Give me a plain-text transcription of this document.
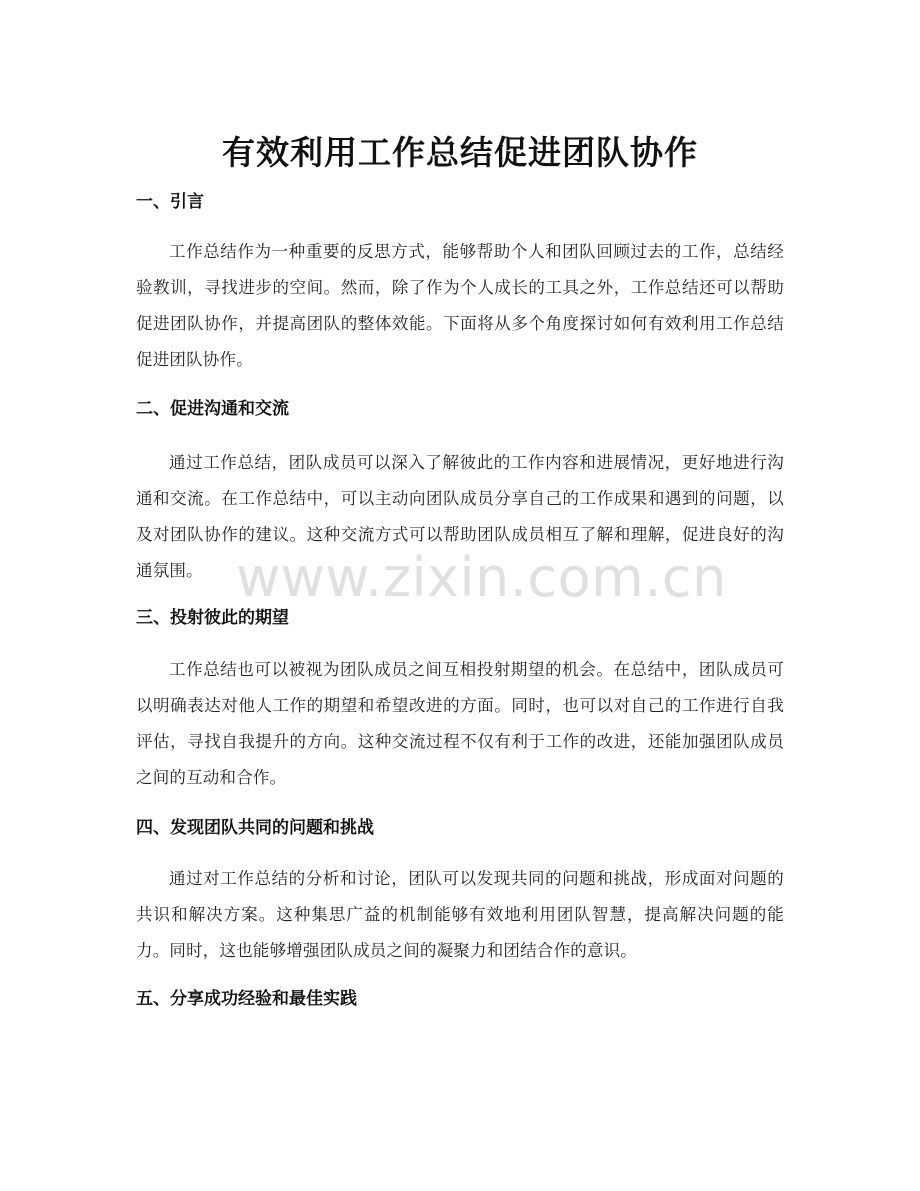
有效利用工作总结促进团队协作
一、引言

工作总结作为一种重要的反思方式，能够帮助个人和团队回顾过去的工作，总结经验教训，寻找进步的空间。然而，除了作为个人成长的工具之外，工作总结还可以帮助促进团队协作，并提高团队的整体效能。下面将从多个角度探讨如何有效利用工作总结促进团队协作。

二、促进沟通和交流

通过工作总结，团队成员可以深入了解彼此的工作内容和进展情况，更好地进行沟通和交流。在工作总结中，可以主动向团队成员分享自己的工作成果和遇到的问题，以及对团队协作的建议。这种交流方式可以帮助团队成员相互了解和理解，促进良好的沟通氛围。

三、投射彼此的期望

工作总结也可以被视为团队成员之间互相投射期望的机会。在总结中，团队成员可以明确表达对他人工作的期望和希望改进的方面。同时，也可以对自己的工作进行自我评估，寻找自我提升的方向。这种交流过程不仅有利于工作的改进，还能加强团队成员之间的互动和合作。

四、发现团队共同的问题和挑战

通过对工作总结的分析和讨论，团队可以发现共同的问题和挑战，形成面对问题的共识和解决方案。这种集思广益的机制能够有效地利用团队智慧，提高解决问题的能力。同时，这也能够增强团队成员之间的凝聚力和团结合作的意识。

五、分享成功经验和最佳实践
www.zixin.com.cn
